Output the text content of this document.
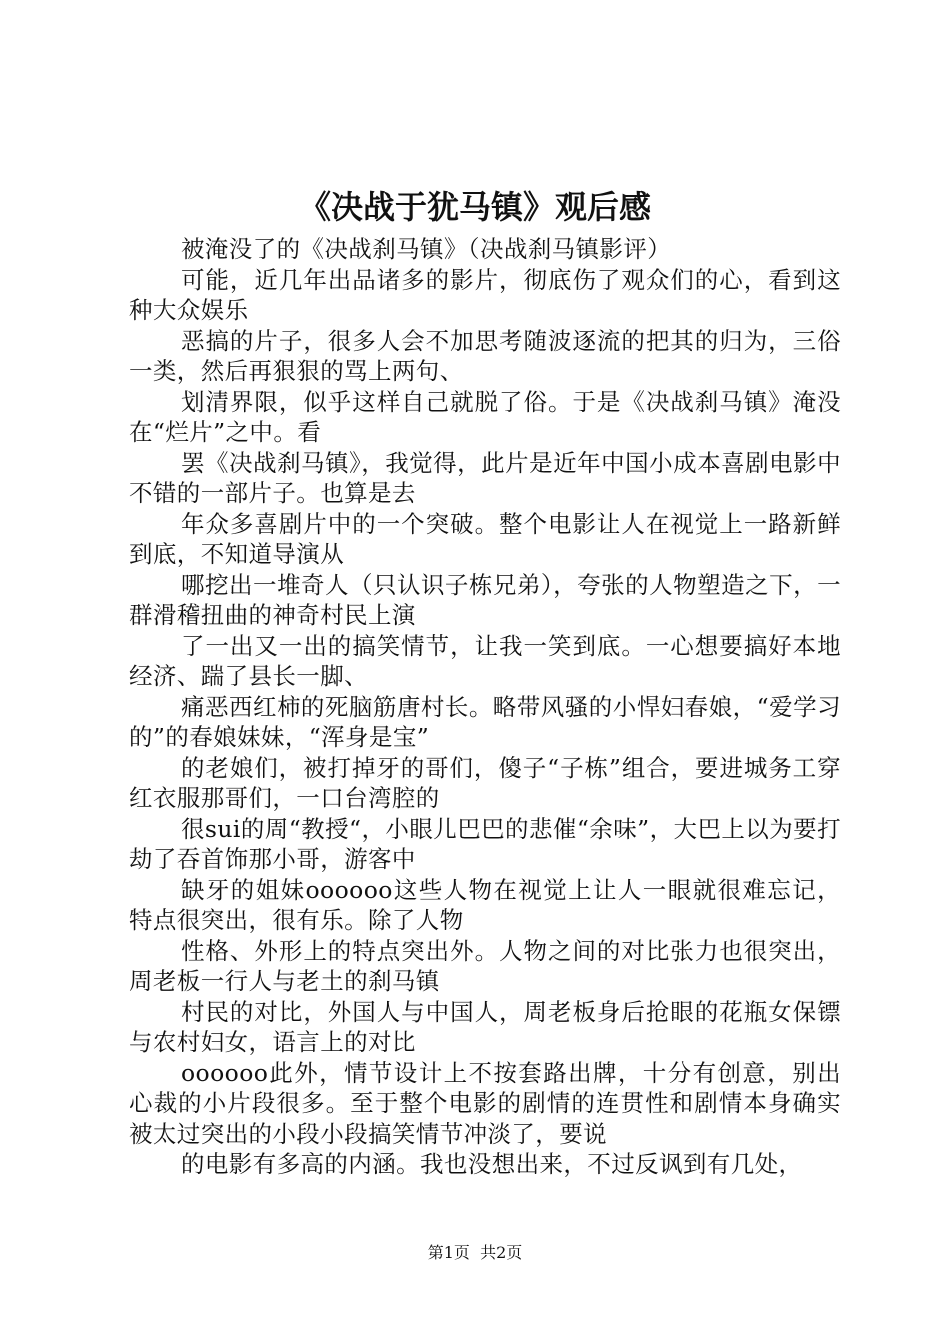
《决战于犹马镇》观后感

被淹没了的《决战刹马镇》（决战刹马镇影评）

可能，近几年出品诸多的影片，彻底伤了观众们的心，看到这种大众娱乐

恶搞的片子，很多人会不加思考随波逐流的把其的归为，三俗一类，然后再狠狠的骂上两句、

划清界限，似乎这样自己就脱了俗。于是《决战刹马镇》淹没在“烂片”之中。看

罢《决战刹马镇》，我觉得，此片是近年中国小成本喜剧电影中不错的一部片子。也算是去

年众多喜剧片中的一个突破。整个电影让人在视觉上一路新鲜到底，不知道导演从

哪挖出一堆奇人（只认识子栋兄弟），夸张的人物塑造之下，一群滑稽扭曲的神奇村民上演

了一出又一出的搞笑情节，让我一笑到底。一心想要搞好本地经济、踹了县长一脚、

痛恶西红柿的死脑筋唐村长。略带风骚的小悍妇春娘，“爱学习的”的春娘妹妹，“浑身是宝”

的老娘们，被打掉牙的哥们，傻子“子栋”组合，要进城务工穿红衣服那哥们，一口台湾腔的

很sui的周“教授“，小眼儿巴巴的悲催“余味”，大巴上以为要打劫了吞首饰那小哥，游客中

缺牙的姐妹oooooo这些人物在视觉上让人一眼就很难忘记，特点很突出，很有乐。除了人物

性格、外形上的特点突出外。人物之间的对比张力也很突出，周老板一行人与老土的刹马镇

村民的对比，外国人与中国人，周老板身后抢眼的花瓶女保镖与农村妇女，语言上的对比

oooooo此外，情节设计上不按套路出牌，十分有创意，别出心裁的小片段很多。至于整个电影的剧情的连贯性和剧情本身确实被太过突出的小段小段搞笑情节冲淡了，要说

的电影有多高的内涵。我也没想出来，不过反讽到有几处，

第1页 共2页
